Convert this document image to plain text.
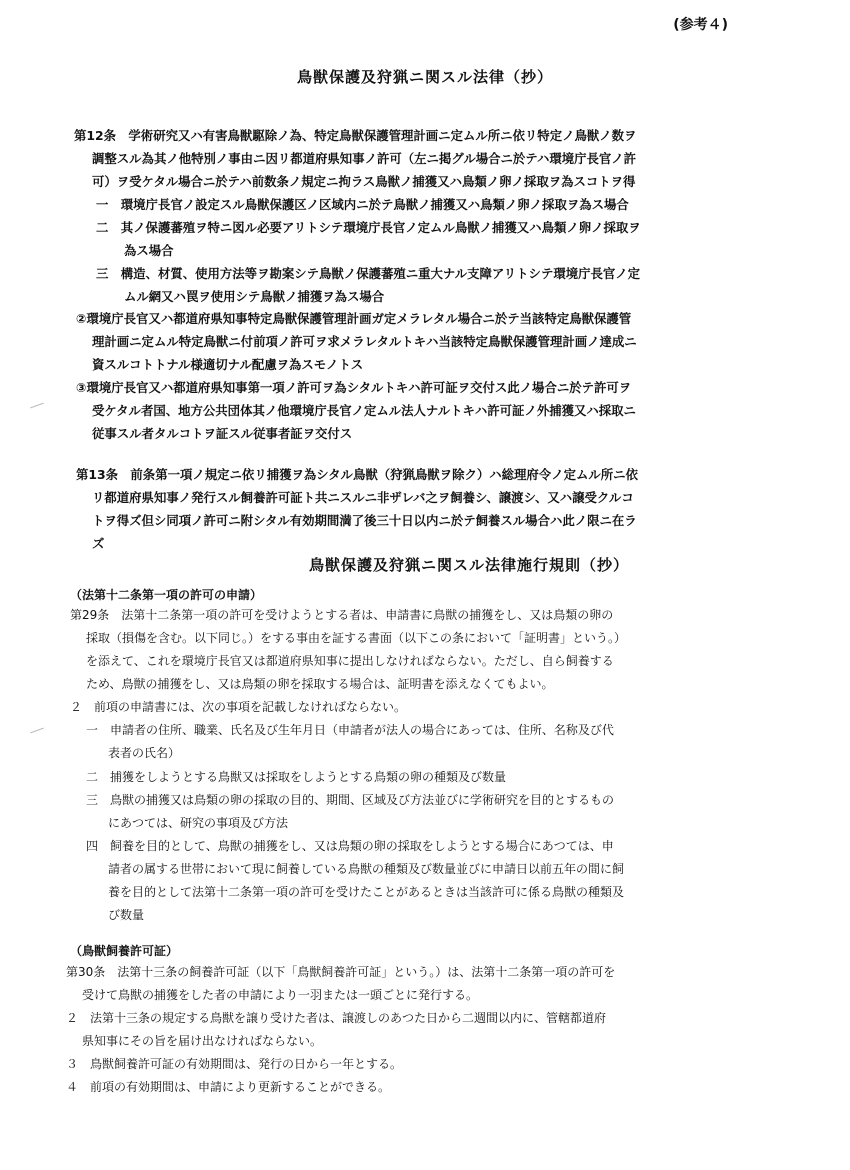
(参考４)
鳥獣保護及狩猟ニ関スル法律（抄）
第12条　学術研究又ハ有害鳥獣駆除ノ為、特定鳥獣保護管理計画ニ定ムル所ニ依リ特定ノ鳥獣ノ数ヲ
調整スル為其ノ他特別ノ事由ニ因リ都道府県知事ノ許可（左ニ掲グル場合ニ於テハ環境庁長官ノ許
可）ヲ受ケタル場合ニ於テハ前数条ノ規定ニ拘ラス鳥獣ノ捕獲又ハ鳥類ノ卵ノ採取ヲ為スコトヲ得
一　環境庁長官ノ設定スル鳥獣保護区ノ区域内ニ於テ鳥獣ノ捕獲又ハ鳥類ノ卵ノ採取ヲ為ス場合
二　其ノ保護蕃殖ヲ特ニ図ル必要アリトシテ環境庁長官ノ定ムル鳥獣ノ捕獲又ハ鳥類ノ卵ノ採取ヲ
為ス場合
三　構造、材質、使用方法等ヲ勘案シテ鳥獣ノ保護蕃殖ニ重大ナル支障アリトシテ環境庁長官ノ定
ムル網又ハ罠ヲ使用シテ鳥獣ノ捕獲ヲ為ス場合
②環境庁長官又ハ都道府県知事特定鳥獣保護管理計画ガ定メラレタル場合ニ於テ当該特定鳥獣保護管
理計画ニ定ムル特定鳥獣ニ付前項ノ許可ヲ求メラレタルトキハ当該特定鳥獣保護管理計画ノ達成ニ
資スルコトトナル様適切ナル配慮ヲ為スモノトス
③環境庁長官又ハ都道府県知事第一項ノ許可ヲ為シタルトキハ許可証ヲ交付ス此ノ場合ニ於テ許可ヲ
受ケタル者国、地方公共団体其ノ他環境庁長官ノ定ムル法人ナルトキハ許可証ノ外捕獲又ハ採取ニ
従事スル者タルコトヲ証スル従事者証ヲ交付ス
第13条　前条第一項ノ規定ニ依リ捕獲ヲ為シタル鳥獣（狩猟鳥獣ヲ除ク）ハ総理府令ノ定ムル所ニ依
リ都道府県知事ノ発行スル飼養許可証ト共ニスルニ非ザレバ之ヲ飼養シ、譲渡シ、又ハ譲受クルコ
トヲ得ズ但シ同項ノ許可ニ附シタル有効期間満了後三十日以内ニ於テ飼養スル場合ハ此ノ限ニ在ラ
ズ
鳥獣保護及狩猟ニ関スル法律施行規則（抄）
（法第十二条第一項の許可の申請）
第29条　法第十二条第一項の許可を受けようとする者は、申請書に鳥獣の捕獲をし、又は鳥類の卵の
採取（損傷を含む。以下同じ。）をする事由を証する書面（以下この条において「証明書」という。）
を添えて、これを環境庁長官又は都道府県知事に提出しなければならない。ただし、自ら飼養する
ため、鳥獣の捕獲をし、又は鳥類の卵を採取する場合は、証明書を添えなくてもよい。
２　前項の申請書には、次の事項を記載しなければならない。
一　申請者の住所、職業、氏名及び生年月日（申請者が法人の場合にあっては、住所、名称及び代
表者の氏名）
二　捕獲をしようとする鳥獣又は採取をしようとする鳥類の卵の種類及び数量
三　鳥獣の捕獲又は鳥類の卵の採取の目的、期間、区域及び方法並びに学術研究を目的とするもの
にあつては、研究の事項及び方法
四　飼養を目的として、鳥獣の捕獲をし、又は鳥類の卵の採取をしようとする場合にあつては、申
請者の属する世帯において現に飼養している鳥獣の種類及び数量並びに申請日以前五年の間に飼
養を目的として法第十二条第一項の許可を受けたことがあるときは当該許可に係る鳥獣の種類及
び数量
（鳥獣飼養許可証）
第30条　法第十三条の飼養許可証（以下「鳥獣飼養許可証」という。）は、法第十二条第一項の許可を
受けて鳥獣の捕獲をした者の申請により一羽または一頭ごとに発行する。
２　法第十三条の規定する鳥獣を譲り受けた者は、譲渡しのあつた日から二週間以内に、管轄都道府
県知事にその旨を届け出なければならない。
３　鳥獣飼養許可証の有効期間は、発行の日から一年とする。
４　前項の有効期間は、申請により更新することができる。
